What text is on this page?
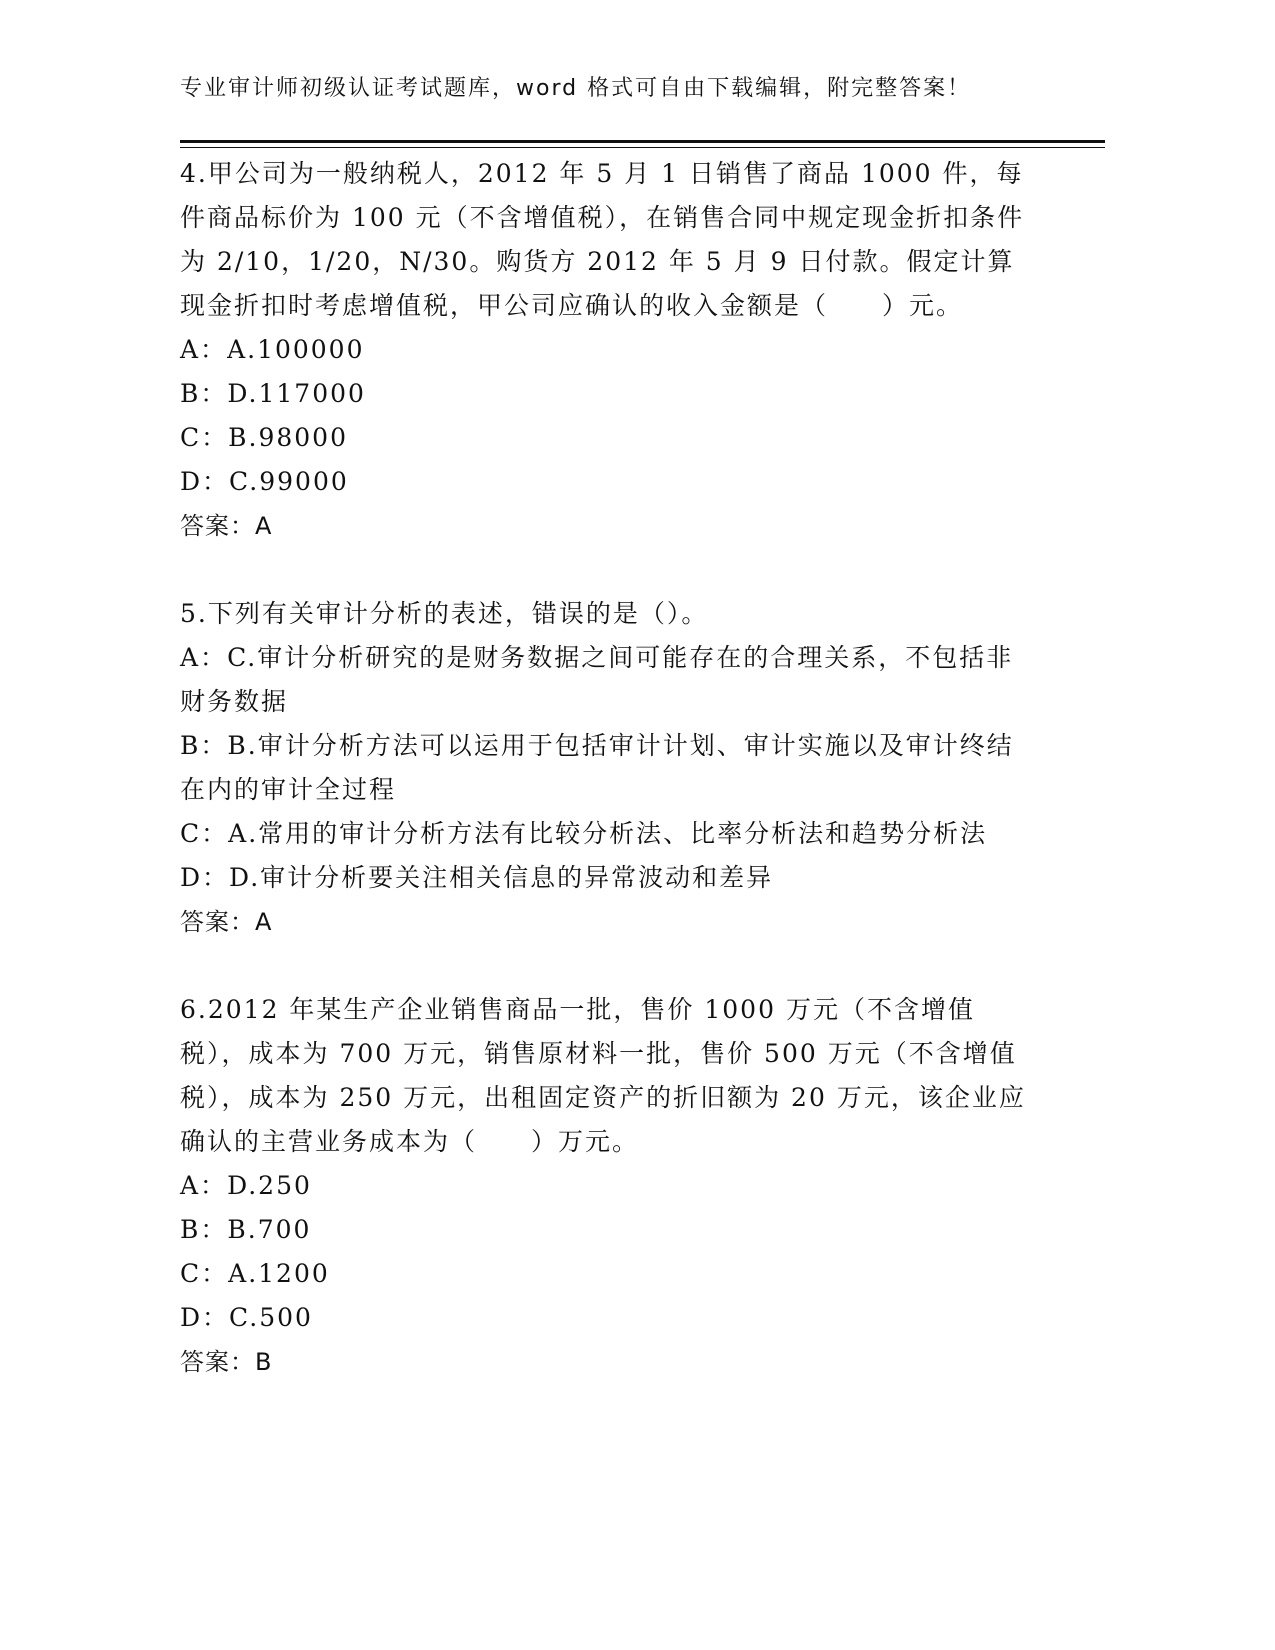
专业审计师初级认证考试题库，word 格式可自由下载编辑，附完整答案！
4.甲公司为一般纳税人，2012 年 5 月 1 日销售了商品 1000 件，每件商品标价为 100 元（不含增值税），在销售合同中规定现金折扣条件为 2/10，1/20，N/30。购货方 2012 年 5 月 9 日付款。假定计算现金折扣时考虑增值税，甲公司应确认的收入金额是（　　）元。
A：A.100000
B：D.117000
C：B.98000
D：C.99000
答案：A
5.下列有关审计分析的表述，错误的是（）。
A：C.审计分析研究的是财务数据之间可能存在的合理关系，不包括非财务数据
B：B.审计分析方法可以运用于包括审计计划、审计实施以及审计终结在内的审计全过程
C：A.常用的审计分析方法有比较分析法、比率分析法和趋势分析法
D：D.审计分析要关注相关信息的异常波动和差异
答案：A
6.2012 年某生产企业销售商品一批，售价 1000 万元（不含增值税），成本为 700 万元，销售原材料一批，售价 500 万元（不含增值税），成本为 250 万元，出租固定资产的折旧额为 20 万元，该企业应确认的主营业务成本为（　　）万元。
A：D.250
B：B.700
C：A.1200
D：C.500
答案：B
